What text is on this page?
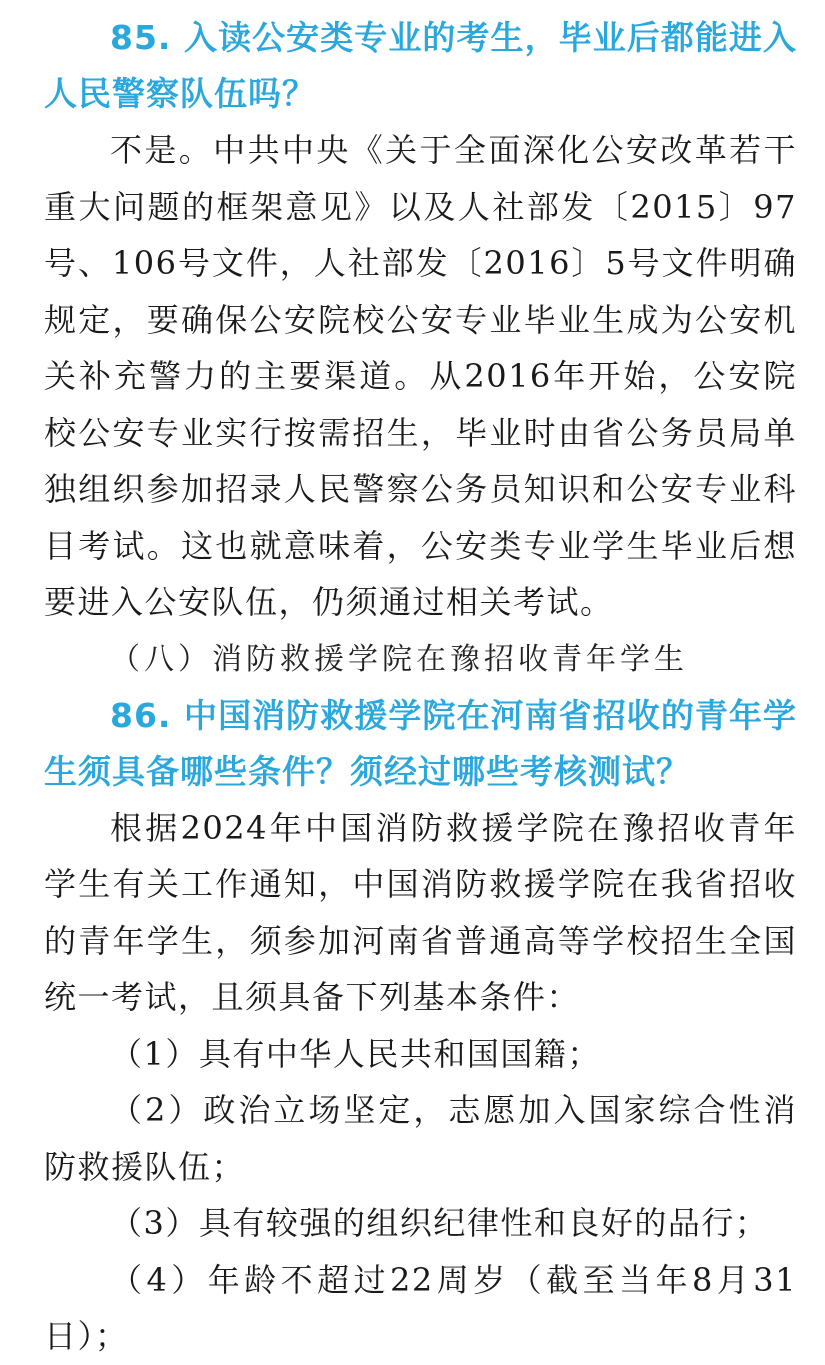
85. 入读公安类专业的考生，毕业后都能进入人民警察队伍吗？

不是。中共中央《关于全面深化公安改革若干重大问题的框架意见》以及人社部发〔2015〕97号、106号文件，人社部发〔2016〕5号文件明确规定，要确保公安院校公安专业毕业生成为公安机关补充警力的主要渠道。从2016年开始，公安院校公安专业实行按需招生，毕业时由省公务员局单独组织参加招录人民警察公务员知识和公安专业科目考试。这也就意味着，公安类专业学生毕业后想要进入公安队伍，仍须通过相关考试。

（八）消防救援学院在豫招收青年学生

86. 中国消防救援学院在河南省招收的青年学生须具备哪些条件？须经过哪些考核测试？

根据2024年中国消防救援学院在豫招收青年学生有关工作通知，中国消防救援学院在我省招收的青年学生，须参加河南省普通高等学校招生全国统一考试，且须具备下列基本条件：

（1）具有中华人民共和国国籍；

（2）政治立场坚定，志愿加入国家综合性消防救援队伍；

（3）具有较强的组织纪律性和良好的品行；

（4）年龄不超过22周岁（截至当年8月31日）；
